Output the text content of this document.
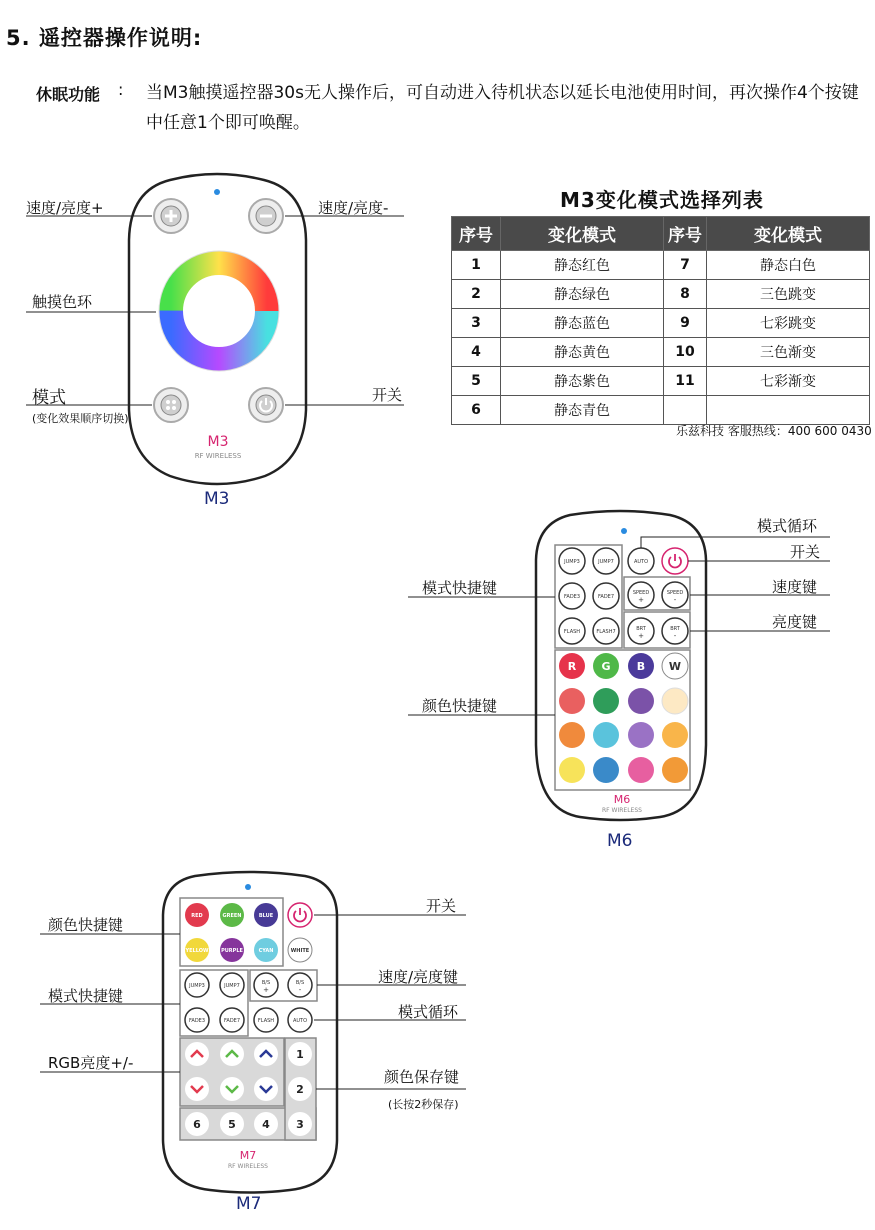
5. 遥控器操作说明:
休眠功能 : 当M3触摸遥控器30s无人操作后，可自动进入待机状态以延长电池使用时间，再次操作4个按键中任意1个即可唤醒。
M3
RF WIRELESS
速度/亮度+	速度/亮度-
触摸色环
模式
(变化效果顺序切换)
开关
M3
M3变化模式选择列表
序号	变化模式	序号	变化模式
1	静态红色	7	静态白色
2	静态绿色	8	三色跳变
3	静态蓝色	9	七彩跳变
4	静态黄色	10	三色渐变
5	静态紫色	11	七彩渐变
6	静态青色		
乐兹科技 客服热线：400 600 0430
JUMP3	JUMP7
FADE3	FADE7
FLASH	FLASH7
AUTO
SPEED
+
SPEED
-
BRT
+
BRT
-
R G B W
M6
RF WIRELESS
模式循环
开关
模式快捷键	速度键
亮度键
颜色快捷键
M6
RED	GREEN	BLUE
YELLOW	PURPLE	CYAN	WHITE
JUMP3	JUMP7	B/S
+
B/S
-
FADE3	FADE7	FLASH	AUTO
1
2
6 5 4 3
M7
RF WIRELESS
开关
颜色快捷键
速度/亮度键
模式快捷键
模式循环
RGB亮度+/-
颜色保存键
(长按2秒保存)
M7
